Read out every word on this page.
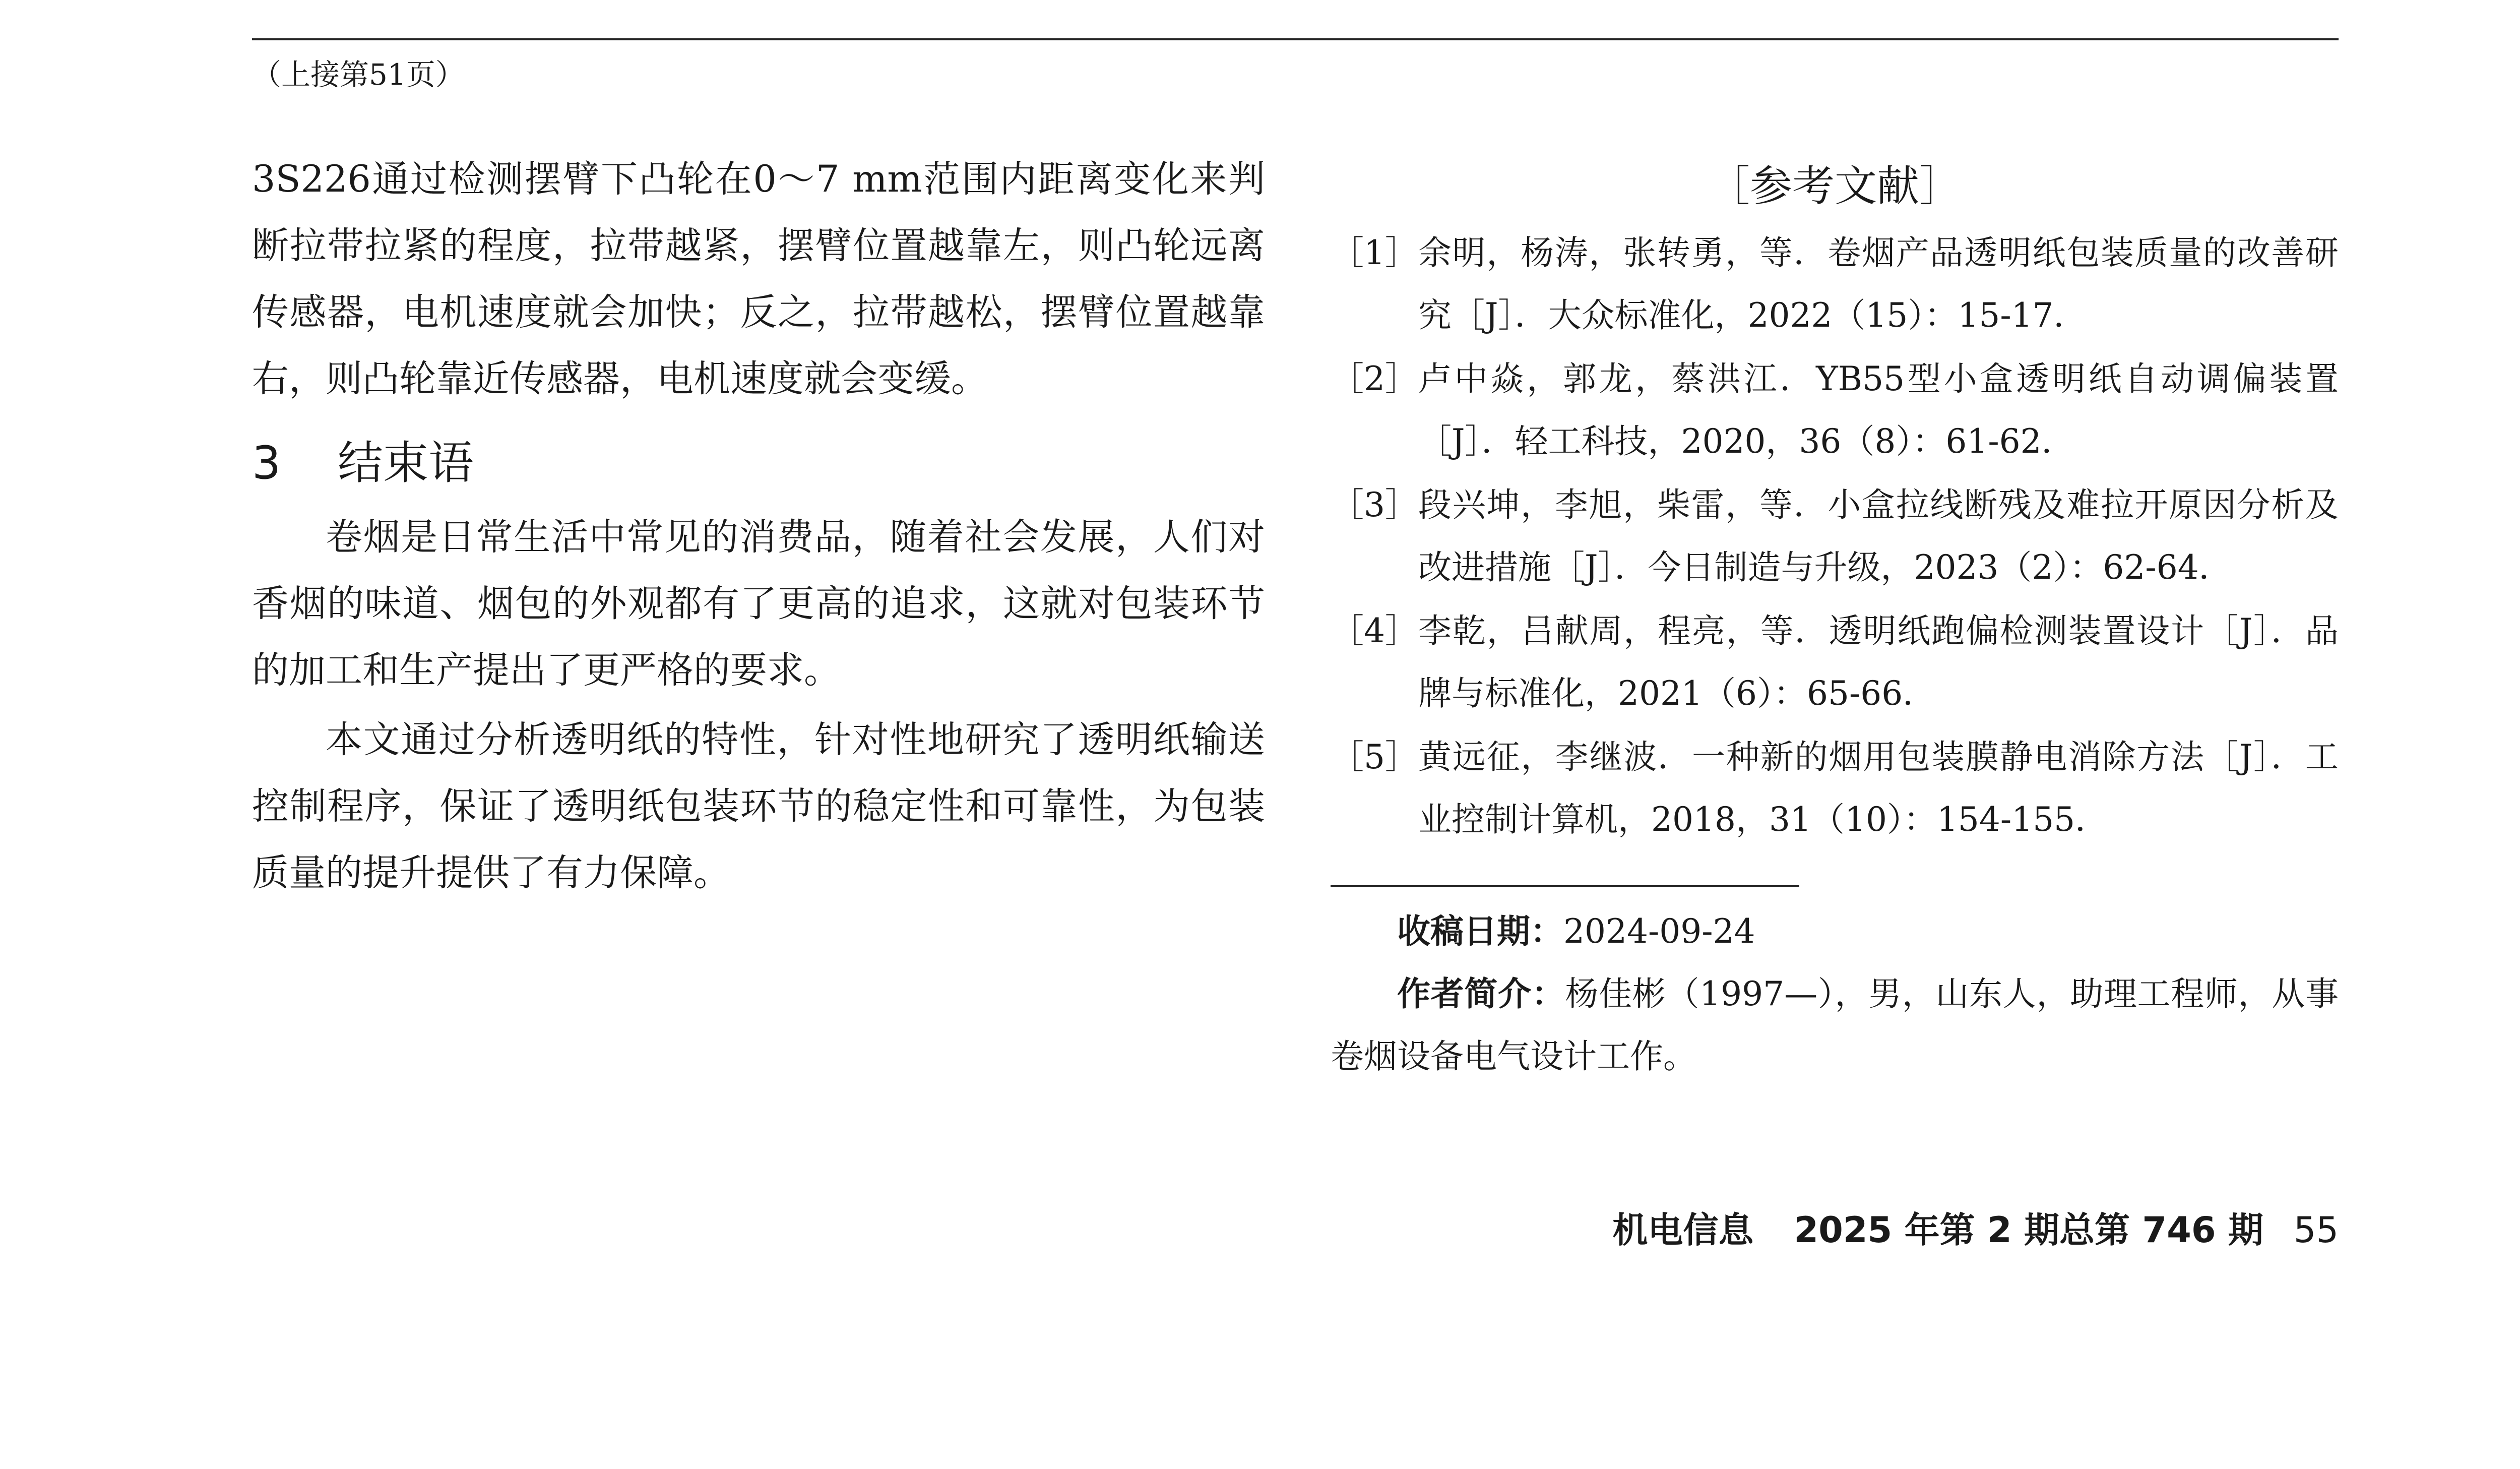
（上接第51页）

3S226通过检测摆臂下凸轮在0～7 mm范围内距离变化来判断拉带拉紧的程度，拉带越紧，摆臂位置越靠左，则凸轮远离传感器，电机速度就会加快；反之，拉带越松，摆臂位置越靠右，则凸轮靠近传感器，电机速度就会变缓。

3 结束语

卷烟是日常生活中常见的消费品，随着社会发展，人们对香烟的味道、烟包的外观都有了更高的追求，这就对包装环节的加工和生产提出了更严格的要求。

本文通过分析透明纸的特性，针对性地研究了透明纸输送控制程序，保证了透明纸包装环节的稳定性和可靠性，为包装质量的提升提供了有力保障。

［参考文献］
［1］ 余明，杨涛，张转勇，等．卷烟产品透明纸包装质量的改善研究［J］．大众标准化，2022（15）：15-17．
［2］ 卢中焱，郭龙，蔡洪江．YB55型小盒透明纸自动调偏装置［J］．轻工科技，2020，36（8）：61-62．
［3］ 段兴坤，李旭，柴雷，等．小盒拉线断残及难拉开原因分析及改进措施［J］．今日制造与升级，2023（2）：62-64．
［4］ 李乾，吕献周，程亮，等．透明纸跑偏检测装置设计［J］．品牌与标准化，2021（6）：65-66．
［5］ 黄远征，李继波．一种新的烟用包装膜静电消除方法［J］．工业控制计算机，2018，31（10）：154-155．
收稿日期：2024-09-24
作者简介：杨佳彬（1997—），男，山东人，助理工程师，从事卷烟设备电气设计工作。
机电信息 2025 年第 2 期总第 746 期 55
